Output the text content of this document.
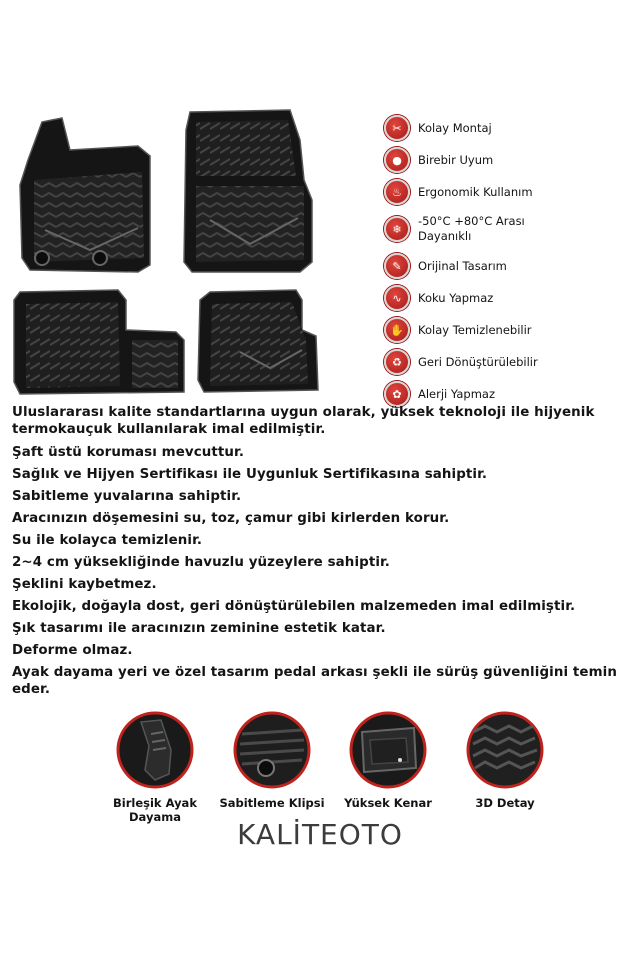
✂	Kolay Montaj
●	Birebir Uyum
♨	Ergonomik Kullanım
❄
-50°C +80°C Arası
Dayanıklı
✎	Orijinal Tasarım
∿	Koku Yapmaz
✋	Kolay Temizlenebilir
♻	Geri Dönüştürülebilir
✿	Alerji Yapmaz

Uluslararası kalite standartlarına uygun olarak, yüksek teknoloji ile hijyenik termokauçuk kullanılarak imal edilmiştir.

Şaft üstü koruması mevcuttur.

Sağlık ve Hijyen Sertifikası ile Uygunluk Sertifikasına sahiptir.

Sabitleme yuvalarına sahiptir.

Aracınızın döşemesini su, toz, çamur gibi kirlerden korur.

Su ile kolayca temizlenir.

2~4 cm yüksekliğinde havuzlu yüzeylere sahiptir.

Şeklini kaybetmez.

Ekolojik, doğayla dost, geri dönüştürülebilen malzemeden imal edilmiştir.

Şık tasarımı ile aracınızın zeminine estetik katar.

Deforme olmaz.

Ayak dayama yeri ve özel tasarım pedal arkası şekli ile sürüş güvenliğini temin eder.

Birleşik Ayak Dayama
Sabitleme Klipsi	Yüksek Kenar	3D Detay
KALİTEOTO
